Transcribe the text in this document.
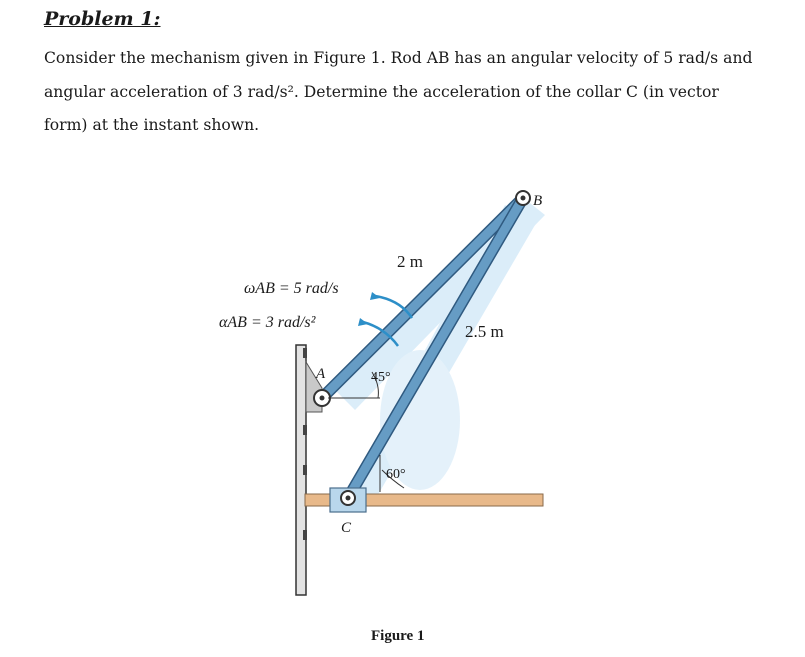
Problem 1:
Consider the mechanism given in Figure 1. Rod AB has an angular velocity of 5 rad/s and angular acceleration of 3 rad/s². Determine the acceleration of the collar C (in vector form) at the instant shown.
ωAB = 5 rad/s
αAB = 3 rad/s²
2 m
2.5 m
45°
60°
A
B
C
Figure 1
